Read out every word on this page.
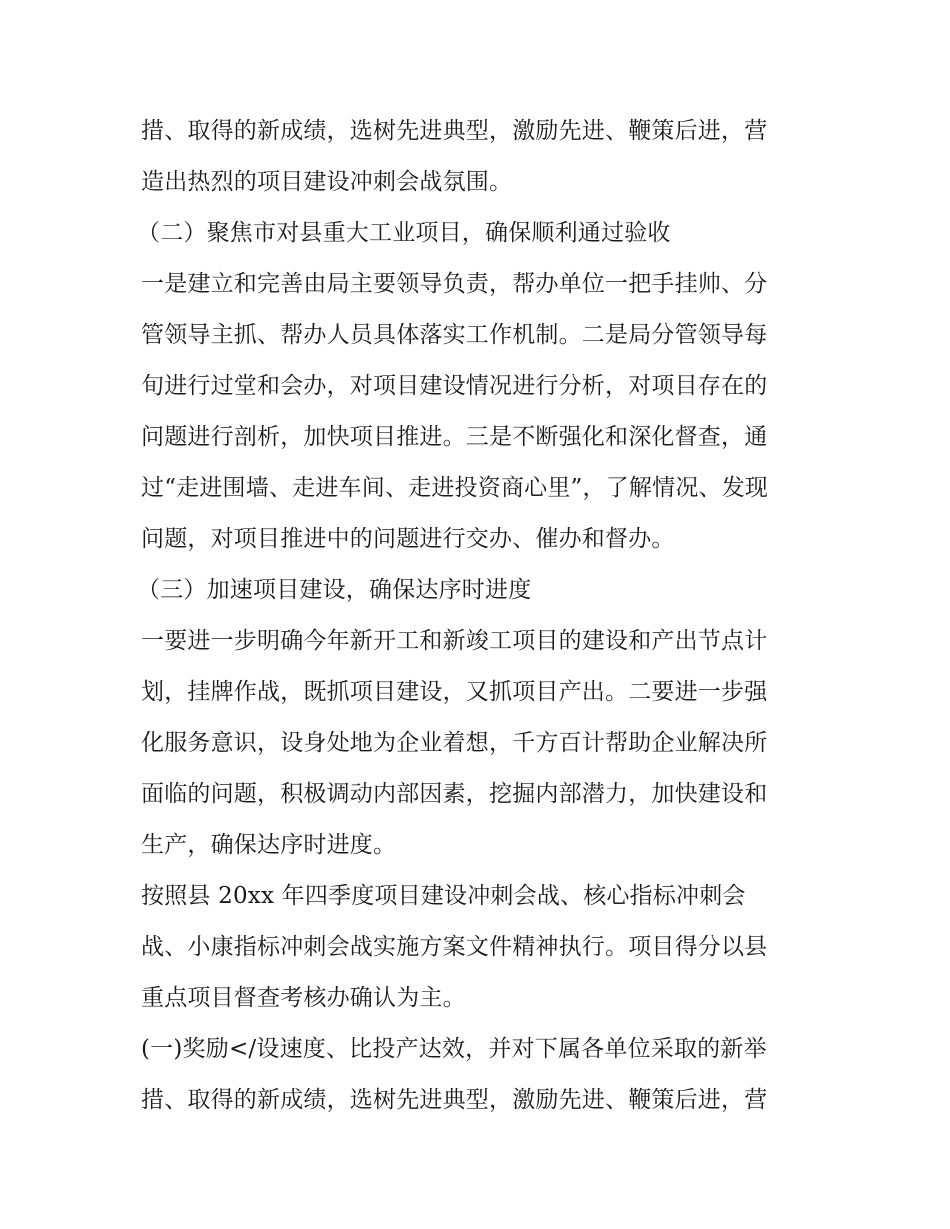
措、取得的新成绩，选树先进典型，激励先进、鞭策后进，营
造出热烈的项目建设冲刺会战氛围。
（二）聚焦市对县重大工业项目，确保顺利通过验收
一是建立和完善由局主要领导负责，帮办单位一把手挂帅、分
管领导主抓、帮办人员具体落实工作机制。二是局分管领导每
旬进行过堂和会办，对项目建设情况进行分析，对项目存在的
问题进行剖析，加快项目推进。三是不断强化和深化督查，通
过“走进围墙、走进车间、走进投资商心里”，了解情况、发现
问题，对项目推进中的问题进行交办、催办和督办。
（三）加速项目建设，确保达序时进度
一要进一步明确今年新开工和新竣工项目的建设和产出节点计
划，挂牌作战，既抓项目建设，又抓项目产出。二要进一步强
化服务意识，设身处地为企业着想，千方百计帮助企业解决所
面临的问题，积极调动内部因素，挖掘内部潜力，加快建设和
生产，确保达序时进度。
按照县 20xx 年四季度项目建设冲刺会战、核心指标冲刺会
战、小康指标冲刺会战实施方案文件精神执行。项目得分以县
重点项目督查考核办确认为主。
(一)奖励</设速度、比投产达效，并对下属各单位采取的新举
措、取得的新成绩，选树先进典型，激励先进、鞭策后进，营
